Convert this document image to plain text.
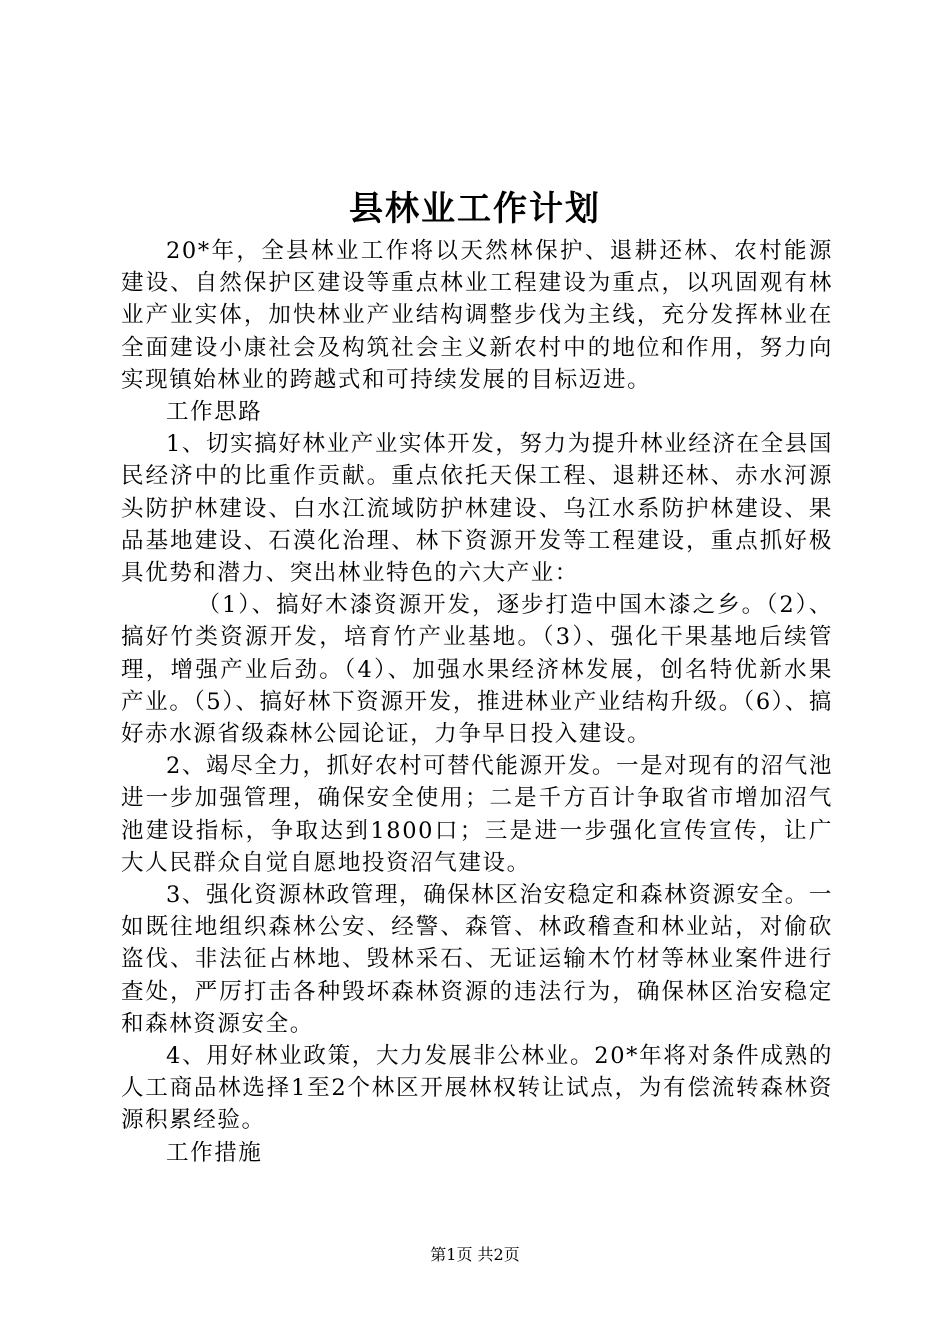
县林业工作计划

20*年，全县林业工作将以天然林保护、退耕还林、农村能源建设、自然保护区建设等重点林业工程建设为重点，以巩固观有林业产业实体，加快林业产业结构调整步伐为主线，充分发挥林业在全面建设小康社会及构筑社会主义新农村中的地位和作用，努力向实现镇始林业的跨越式和可持续发展的目标迈进。

工作思路

1、切实搞好林业产业实体开发，努力为提升林业经济在全县国民经济中的比重作贡献。重点依托天保工程、退耕还林、赤水河源头防护林建设、白水江流域防护林建设、乌江水系防护林建设、果品基地建设、石漠化治理、林下资源开发等工程建设，重点抓好极具优势和潜力、突出林业特色的六大产业：

（1）、搞好木漆资源开发，逐步打造中国木漆之乡。（2）、搞好竹类资源开发，培育竹产业基地。（3）、强化干果基地后续管理，增强产业后劲。（4）、加强水果经济林发展，创名特优新水果产业。（5）、搞好林下资源开发，推进林业产业结构升级。（6）、搞好赤水源省级森林公园论证，力争早日投入建设。

2、竭尽全力，抓好农村可替代能源开发。一是对现有的沼气池进一步加强管理，确保安全使用；二是千方百计争取省市增加沼气池建设指标，争取达到1800口；三是进一步强化宣传宣传，让广大人民群众自觉自愿地投资沼气建设。

3、强化资源林政管理，确保林区治安稳定和森林资源安全。一如既往地组织森林公安、经警、森管、林政稽查和林业站，对偷砍盗伐、非法征占林地、毁林采石、无证运输木竹材等林业案件进行查处，严厉打击各种毁坏森林资源的违法行为，确保林区治安稳定和森林资源安全。

4、用好林业政策，大力发展非公林业。20*年将对条件成熟的人工商品林选择1至2个林区开展林权转让试点，为有偿流转森林资源积累经验。

工作措施

第1页 共2页
